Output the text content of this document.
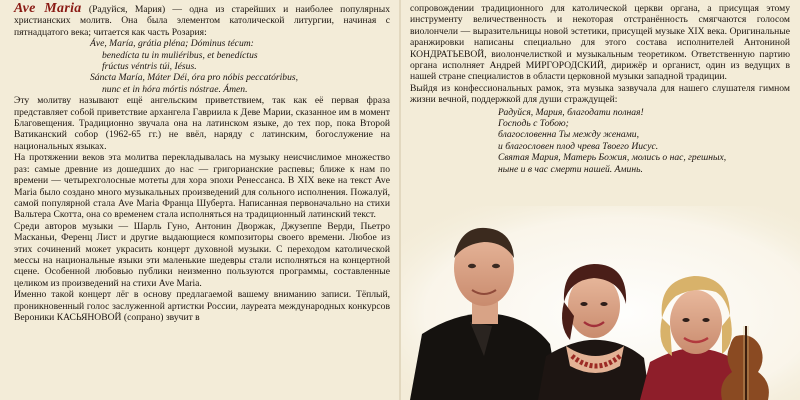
Ave Maria (Радуйся, Мария) — одна из старейших и наиболее популярных христианских молитв. Она была элементом католической литургии, начиная с пятнадцатого века; читается как часть Розария:

Áve, María, grátia pléna; Dóminus técum:
benedícta tu in muliéribus, et benedíctus
frúctus véntris túi, Iésus.
Sáncta María, Máter Déi, óra pro nóbis peccatóribus,
nunc et in hóra mórtis nóstrae. Ámen.

Эту молитву называют ещё ангельским приветствием, так как её первая фраза представляет собой приветствие архангела Гавриила к Деве Марии, сказанное им в момент Благовещения. Традиционно звучала она на латинском языке, до тех пор, пока Второй Ватиканский собор (1962-65 гг.) не ввёл, наряду с латинским, богослужение на национальных языках.

На протяжении веков эта молитва перекладывалась на музыку неисчислимое множество раз: самые древние из дошедших до нас — григорианские распевы; ближе к нам по времени — четырехголосные мотеты для хора эпохи Ренессанса. В XIX веке на текст Ave Maria было создано много музыкальных произведений для сольного исполнения. Пожалуй, самой популярной стала Ave Maria Франца Шуберта. Написанная первоначально на стихи Вальтера Скотта, она со временем стала исполняться на традиционный латинский текст.

Среди авторов музыки — Шарль Гуно, Антонин Дворжак, Джузеппе Верди, Пьетро Масканьи, Ференц Лист и другие выдающиеся композиторы своего времени. Любое из этих сочинений может украсить концерт духовной музыки. С переходом католической мессы на национальные языки эти маленькие шедевры стали исполняться на концертной сцене. Особенной любовью публики неизменно пользуются программы, составленные целиком из произведений на стихи Ave Maria.

Именно такой концерт лёг в основу предлагаемой вашему вниманию записи. Тёплый, проникновенный голос заслуженной артистки России, лауреата международных конкурсов Вероники КАСЬЯНОВОЙ (сопрано) звучит в

сопровождении традиционного для католической церкви органа, а присущая этому инструменту величественность и некоторая отстранённость смягчаются голосом виолончели — выразительницы новой эстетики, присущей музыке XIX века. Оригинальные аранжировки написаны специально для этого состава исполнителей Антониной КОНДРАТЬЕВОЙ, виолончелисткой и музыкальным теоретиком. Ответственную партию органа исполняет Андрей МИРГОРОДСКИЙ, дирижёр и органист, один из ведущих в нашей стране специалистов в области церковной музыки западной традиции.

Выйдя из конфессиональных рамок, эта музыка зазвучала для нашего слушателя гимном жизни вечной, поддержкой для души страждущей:

Радуйся, Мария, благодати полная!
Господь с Тобою;
благословенна Ты между женами,
и благословен плод чрева Твоего Иисус.
Святая Мария, Матерь Божия, молись о нас, грешных,
ныне и в час смерти нашей. Аминь.
